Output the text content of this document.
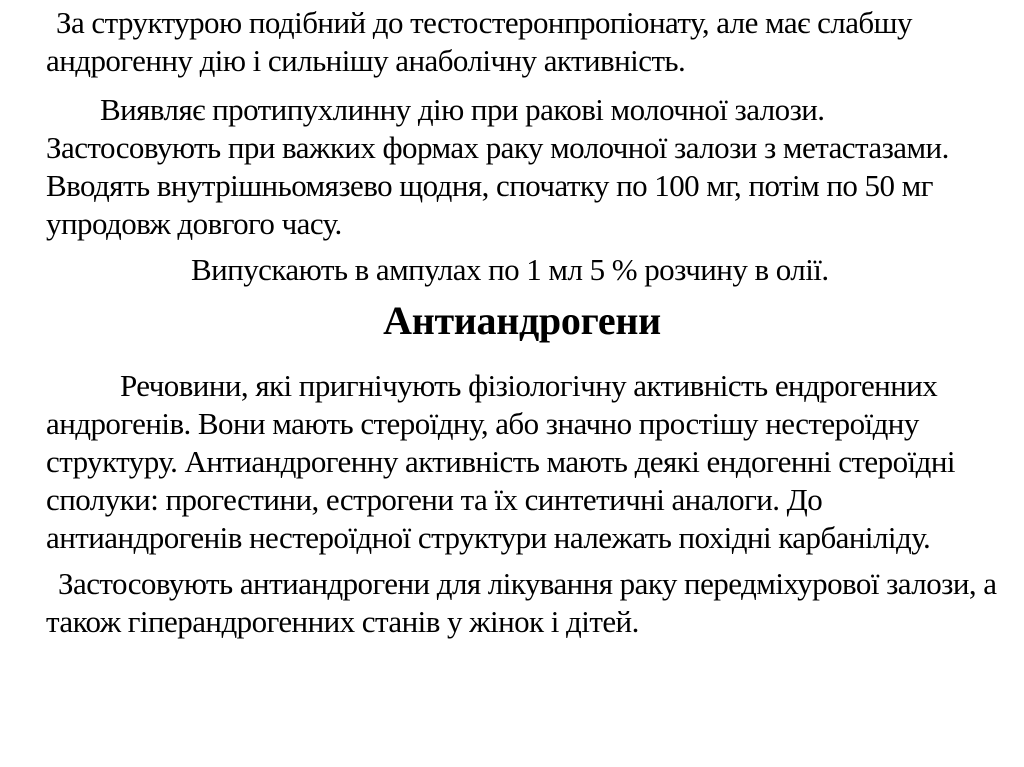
За структурою подібний до тестостеронпропіонату, але має слабшу андрогенну дію і сильнішу анаболічну активність.

Виявляє протипухлинну дію при ракові молочної залози. Застосовують при важких формах раку молочної залози з метастазами. Вводять внутрішньомязево щодня, спочатку по 100 мг, потім по 50 мг упродовж довгого часу.

Випускають в ампулах по 1 мл 5 % розчину в олії.

Антиандрогени

Речовини, які пригнічують фізіологічну активність ендрогенних андрогенів. Вони мають стероїдну, або значно простішу нестероїдну структуру. Антиандрогенну активність мають деякі ендогенні стероїдні сполуки: прогестини, естрогени та їх синтетичні аналоги. До антиандрогенів нестероїдної структури належать похідні карбаніліду.

Застосовують антиандрогени для лікування раку передміхурової залози, а також гіперандрогенних станів у жінок і дітей.
